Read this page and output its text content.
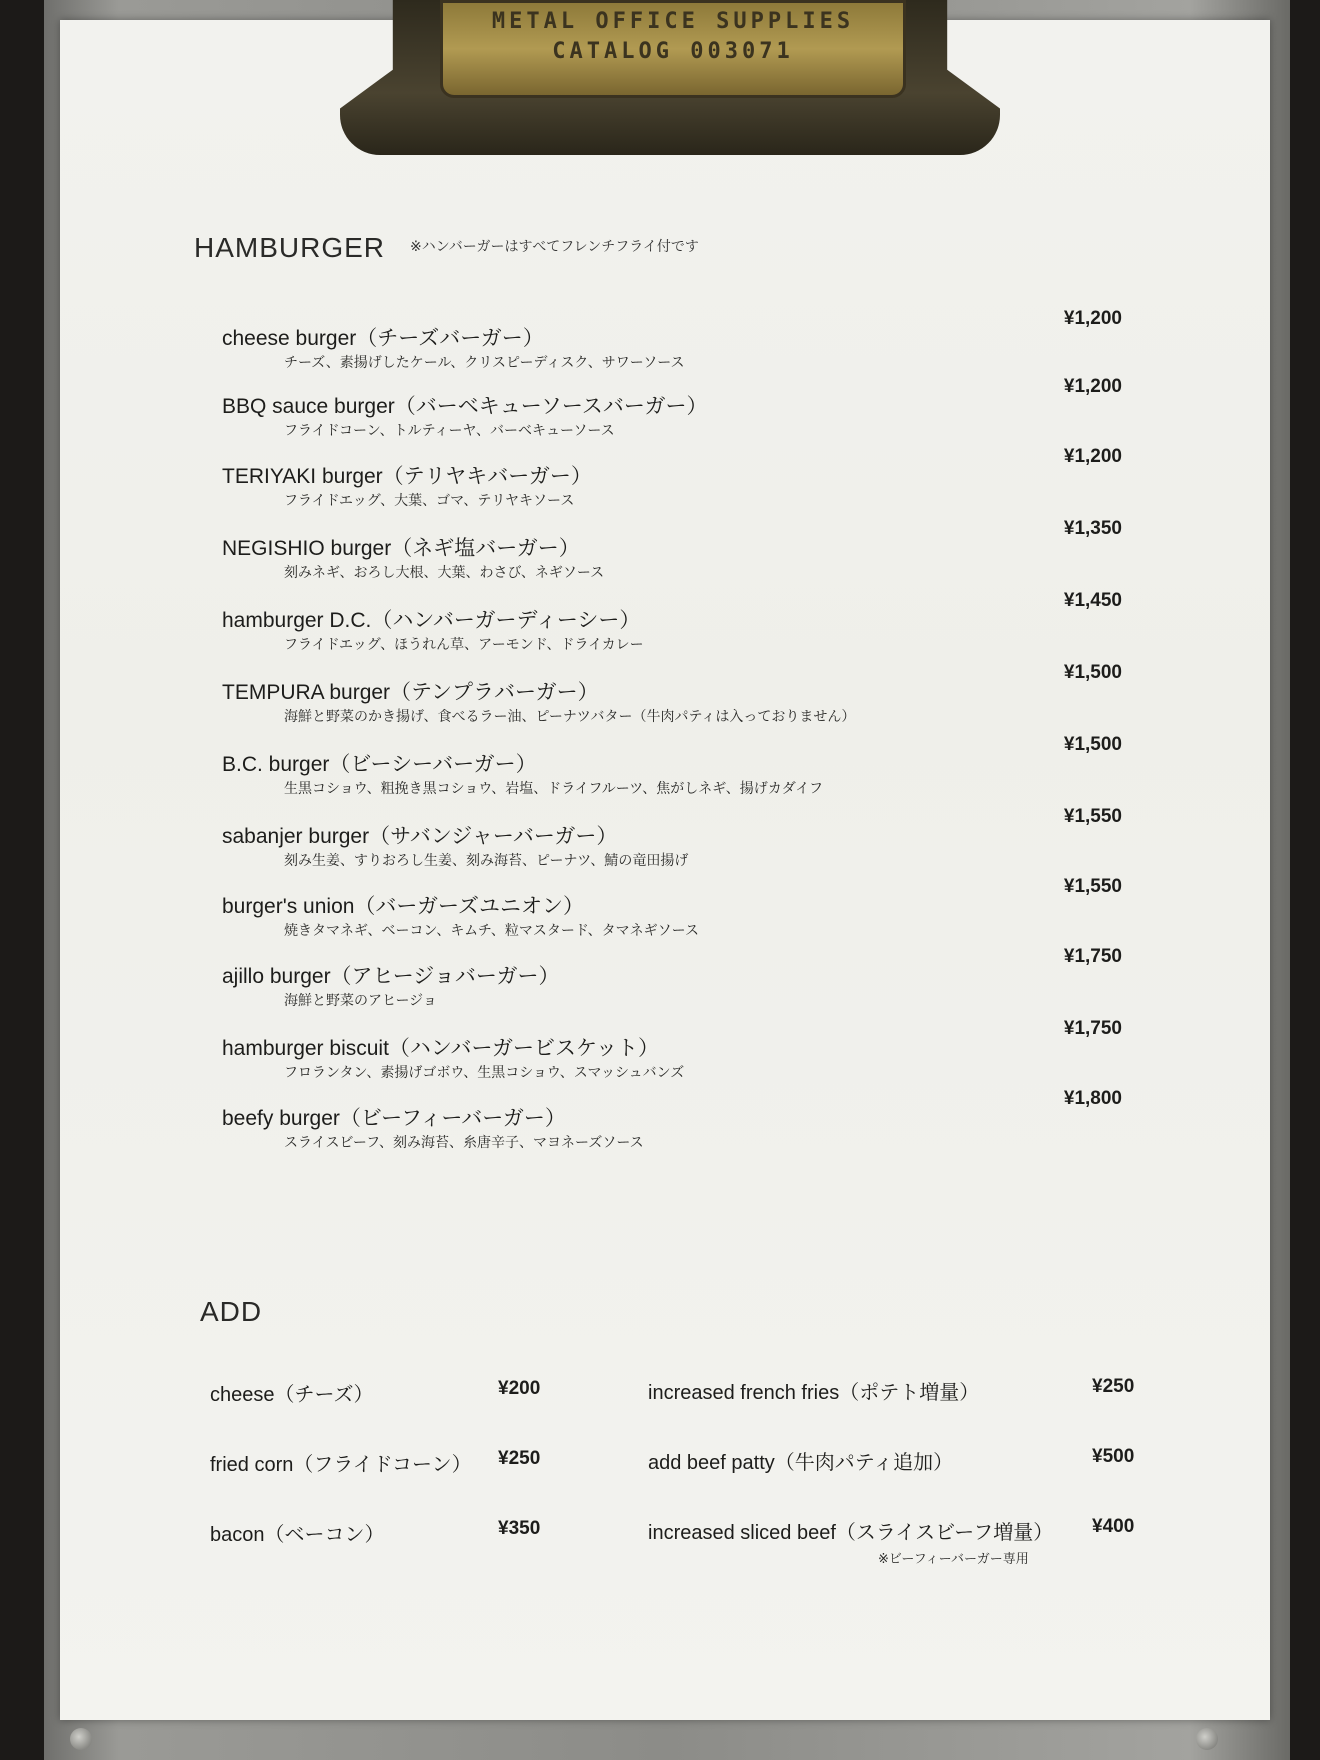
METAL OFFICE SUPPLIES
CATALOG 003071
HAMBURGER ※ハンバーガーはすべてフレンチフライ付です
cheese burger（チーズバーガー）
チーズ、素揚げしたケール、クリスピーディスク、サワーソース
¥1,200
BBQ sauce burger（バーベキューソースバーガー）
フライドコーン、トルティーヤ、バーベキューソース
¥1,200
TERIYAKI burger（テリヤキバーガー）
フライドエッグ、大葉、ゴマ、テリヤキソース
¥1,200
NEGISHIO burger（ネギ塩バーガー）
刻みネギ、おろし大根、大葉、わさび、ネギソース
¥1,350
hamburger D.C.（ハンバーガーディーシー）
フライドエッグ、ほうれん草、アーモンド、ドライカレー
¥1,450
TEMPURA burger（テンプラバーガー）
海鮮と野菜のかき揚げ、食べるラー油、ピーナツバター（牛肉パティは入っておりません）
¥1,500
B.C. burger（ビーシーバーガー）
生黒コショウ、粗挽き黒コショウ、岩塩、ドライフルーツ、焦がしネギ、揚げカダイフ
¥1,500
sabanjer burger（サバンジャーバーガー）
刻み生姜、すりおろし生姜、刻み海苔、ピーナツ、鯖の竜田揚げ
¥1,550
burger's union（バーガーズユニオン）
焼きタマネギ、ベーコン、キムチ、粒マスタード、タマネギソース
¥1,550
ajillo burger（アヒージョバーガー）
海鮮と野菜のアヒージョ
¥1,750
hamburger biscuit（ハンバーガービスケット）
フロランタン、素揚げゴボウ、生黒コショウ、スマッシュバンズ
¥1,750
beefy burger（ビーフィーバーガー）
スライスビーフ、刻み海苔、糸唐辛子、マヨネーズソース
¥1,800
ADD
cheese（チーズ）	¥200
fried corn（フライドコーン） ¥250
bacon（ベーコン）	¥350
increased french fries（ポテト増量）	¥250
add beef patty（牛肉パティ追加）	¥500
increased sliced beef（スライスビーフ増量） ¥400
※ビーフィーバーガー専用
